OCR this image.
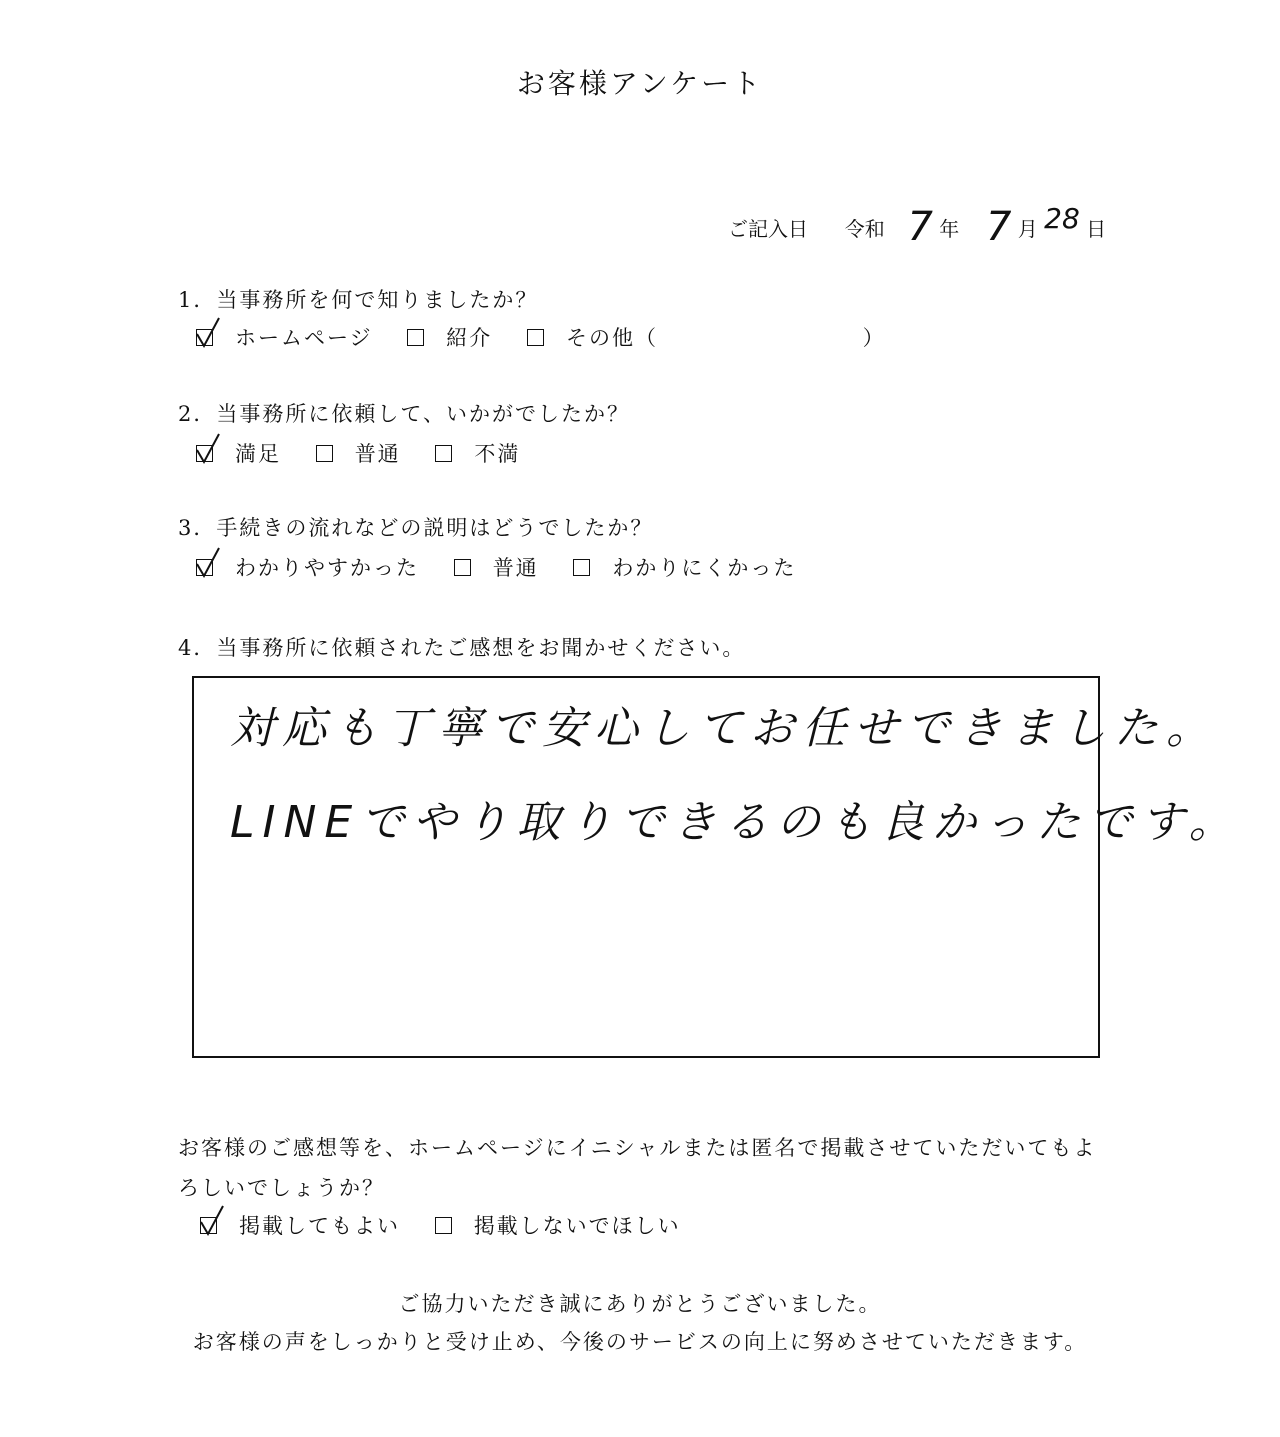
お客様アンケート
ご記入日 令和 7 年 7 月 28 日
1．当事務所を何で知りましたか？
ホームページ	紹介	その他（	）
2．当事務所に依頼して、いかがでしたか？
満足	普通	不満
3．手続きの流れなどの説明はどうでしたか？
わかりやすかった	普通	わかりにくかった
4．当事務所に依頼されたご感想をお聞かせください。
対応も丁寧で安心してお任せできました。
LINEでやり取りできるのも良かったです。
お客様のご感想等を、ホームページにイニシャルまたは匿名で掲載させていただいてもよ
ろしいでしょうか？
掲載してもよい	掲載しないでほしい
ご協力いただき誠にありがとうございました。
お客様の声をしっかりと受け止め、今後のサービスの向上に努めさせていただきます。
